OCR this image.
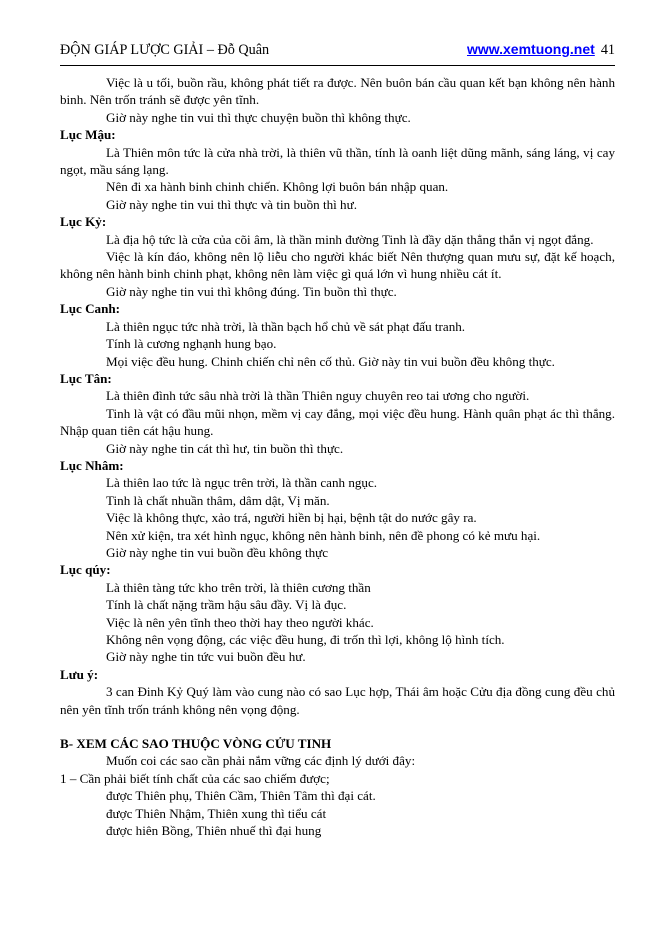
ĐỘN GIÁP LƯỢC GIẢI – Đỗ Quân	www.xemtuong.net 41

Việc là u tối, buồn rầu, không phát tiết ra được. Nên buôn bán cầu quan kết bạn không nên hành binh. Nên trốn tránh sẽ được yên tĩnh.

Giờ này nghe tin vui thì thực chuyện buồn thì không thực.

Lục Mậu:

Là Thiên môn tức là cửa nhà trời, là thiên vũ thần, tính là oanh liệt dũng mãnh, sáng láng, vị cay ngọt, mầu sáng lạng.

Nên đi xa hành binh chinh chiến. Không lợi buôn bán nhập quan.

Giờ này nghe tin vui thì thực và tin buồn thì hư.

Lục Kỷ:

Là địa hộ tức là cửa của cõi âm, là thần minh đường Tinh là đầy dặn thẳng thắn vị ngọt đắng.

Việc là kín đáo, không nên lộ liễu cho người khác biết Nên thượng quan mưu sự, đặt kế hoạch, không nên hành binh chinh phạt, không nên làm việc gì quá lớn vì hung nhiều cát ít.

Giờ này nghe tin vui thì không đúng. Tin buồn thì thực.

Lục Canh:

Là thiên ngục tức nhà trời, là thần bạch hổ chủ về sát phạt đấu tranh.

Tính là cương nghạnh hung bạo.

Mọi việc đều hung. Chinh chiến chỉ nên cố thủ. Giờ này tin vui buồn đều không thực.

Lục Tân:

Là thiên đình tức sâu nhà trời là thần Thiên nguy chuyên reo tai ương cho người.

Tinh là vật có đầu mũi nhọn, mềm vị cay đắng, mọi việc đều hung. Hành quân phạt ác thì thắng. Nhập quan tiên cát hậu hung.

Giờ này nghe tin cát thì hư, tin buồn thì thực.

Lục Nhâm:

Là thiên lao tức là ngục trên trời, là thần canh ngục.

Tinh là chất nhuần thâm, dâm dật, Vị măn.

Việc là không thực, xảo trá, người hiền bị hại, bệnh tật do nước gây ra.

Nên xử kiện, tra xét hình ngục, không nên hành binh, nên đề phong có kẻ mưu hại.

Giờ này nghe tin vui buồn đều không thực

Lục qúy:

Là thiên tàng tức kho trên trời, là thiên cương thần

Tính là chất nặng trầm hậu sâu đầy. Vị là đục.

Việc là nên yên tĩnh theo thời hay theo người khác.

Không nên vọng động, các việc đều hung, đi trốn thì lợi, không lộ hình tích.

Giờ này nghe tin tức vui buồn đều hư.

Lưu ý:

3 can Đinh Kỷ Quý làm vào cung nào có sao Lục hợp, Thái âm hoặc Cửu địa đồng cung đều chủ nên yên tĩnh trốn tránh không nên vọng động.

B- XEM CÁC SAO THUỘC VÒNG CỬU TINH

Muốn coi các sao cần phải nắm vững các định lý dưới đây:

1 – Cần phải biết tính chất của các sao chiếm được;

được Thiên phụ, Thiên Cầm, Thiên Tâm thì đại cát.

được Thiên Nhậm, Thiên xung thì tiểu cát

được hiên Bồng, Thiên nhuế thì đại hung
